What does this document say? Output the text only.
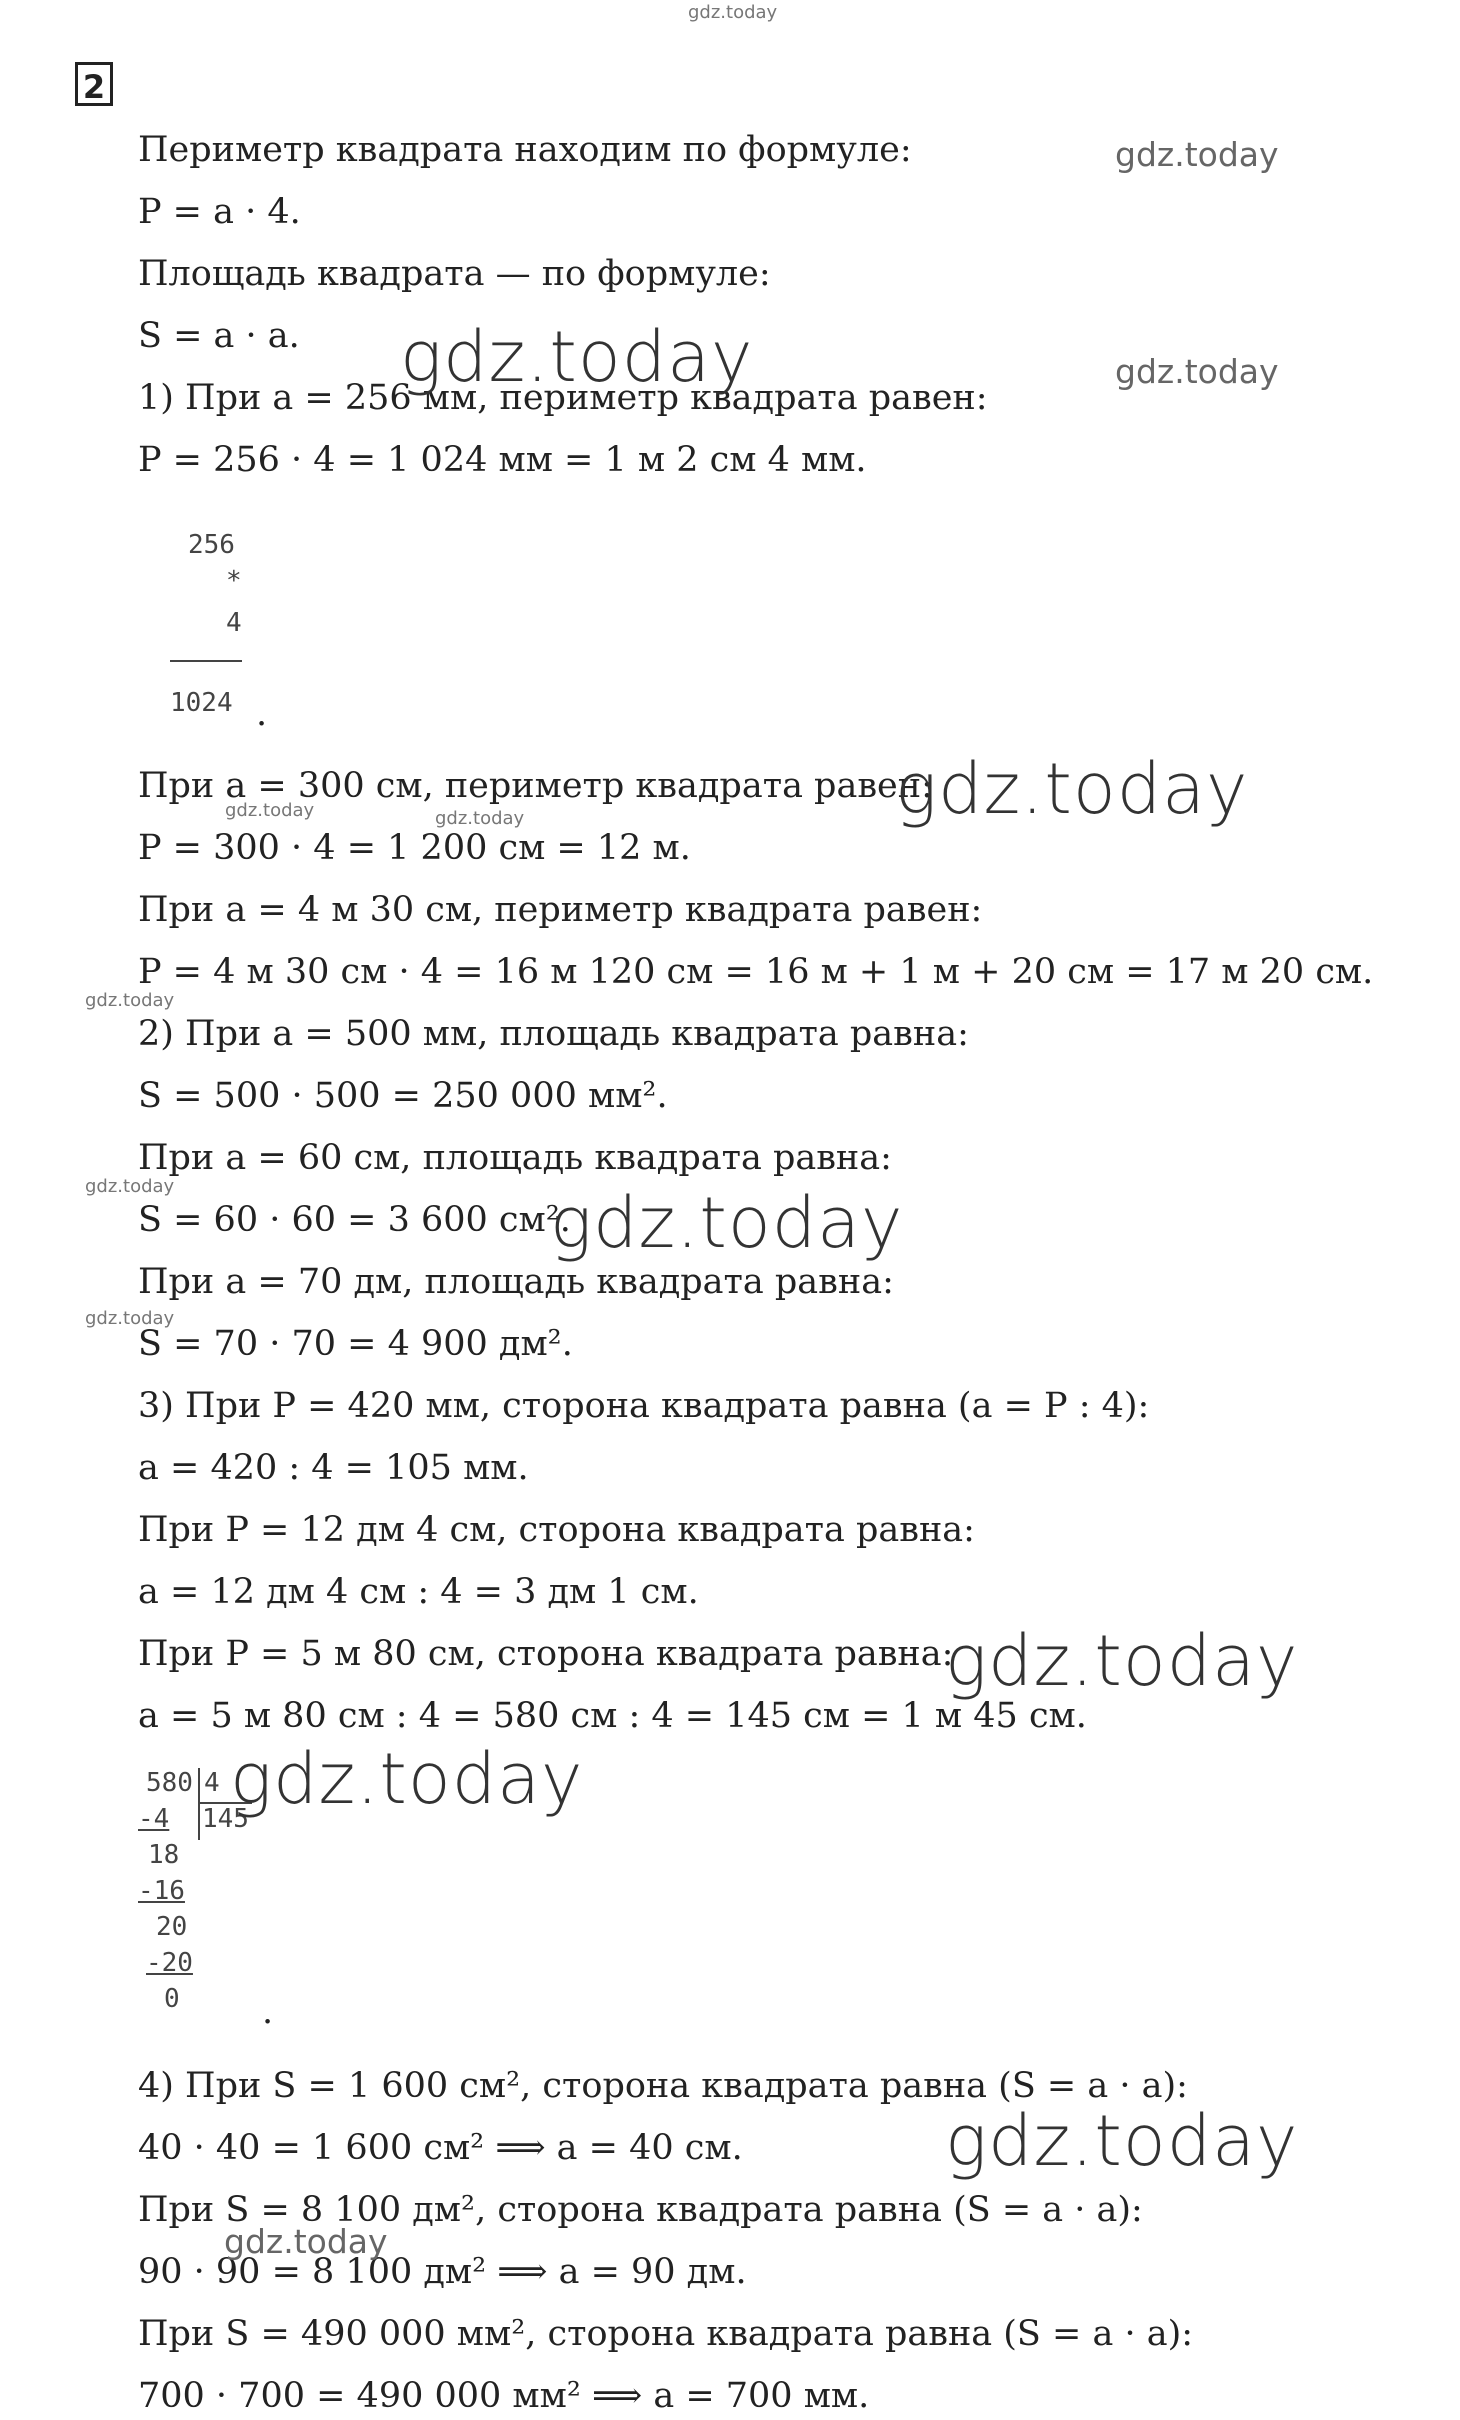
gdz.today
2
Периметр квадрата находим по формуле:
P = a · 4.
Площадь квадрата — по формуле:
S = a · a.
1) При a = 256 мм, периметр квадрата равен:
P = 256 · 4 = 1 024 мм = 1 м 2 см 4 мм.
256
*
4
1024 .
При a = 300 см, периметр квадрата равен:
P = 300 · 4 = 1 200 см = 12 м.
При a = 4 м 30 см, периметр квадрата равен:
P = 4 м 30 см · 4 = 16 м 120 см = 16 м + 1 м + 20 см = 17 м 20 см.
2) При a = 500 мм, площадь квадрата равна:
S = 500 · 500 = 250 000 мм².
При a = 60 см, площадь квадрата равна:
S = 60 · 60 = 3 600 см².
При a = 70 дм, площадь квадрата равна:
S = 70 · 70 = 4 900 дм².
3) При P = 420 мм, сторона квадрата равна (a = P : 4):
a = 420 : 4 = 105 мм.
При P = 12 дм 4 см, сторона квадрата равна:
a = 12 дм 4 см : 4 = 3 дм 1 см.
При P = 5 м 80 см, сторона квадрата равна:
a = 5 м 80 см : 4 = 580 см : 4 = 145 см = 1 м 45 см.
580 4
145
-4
18
-16
20
-20
0 .
4) При S = 1 600 см², сторона квадрата равна (S = a · a):
40 · 40 = 1 600 см² ⟹ a = 40 см.
При S = 8 100 дм², сторона квадрата равна (S = a · a):
90 · 90 = 8 100 дм² ⟹ a = 90 дм.
При S = 490 000 мм², сторона квадрата равна (S = a · a):
700 · 700 = 490 000 мм² ⟹ a = 700 мм.
gdz.today
gdz.today
gdz.today
gdz.today
gdz.today	gdz.today
gdz.today
gdz.today	gdz.today
gdz.today
gdz.today
gdz.today
gdz.today
gdz.today
